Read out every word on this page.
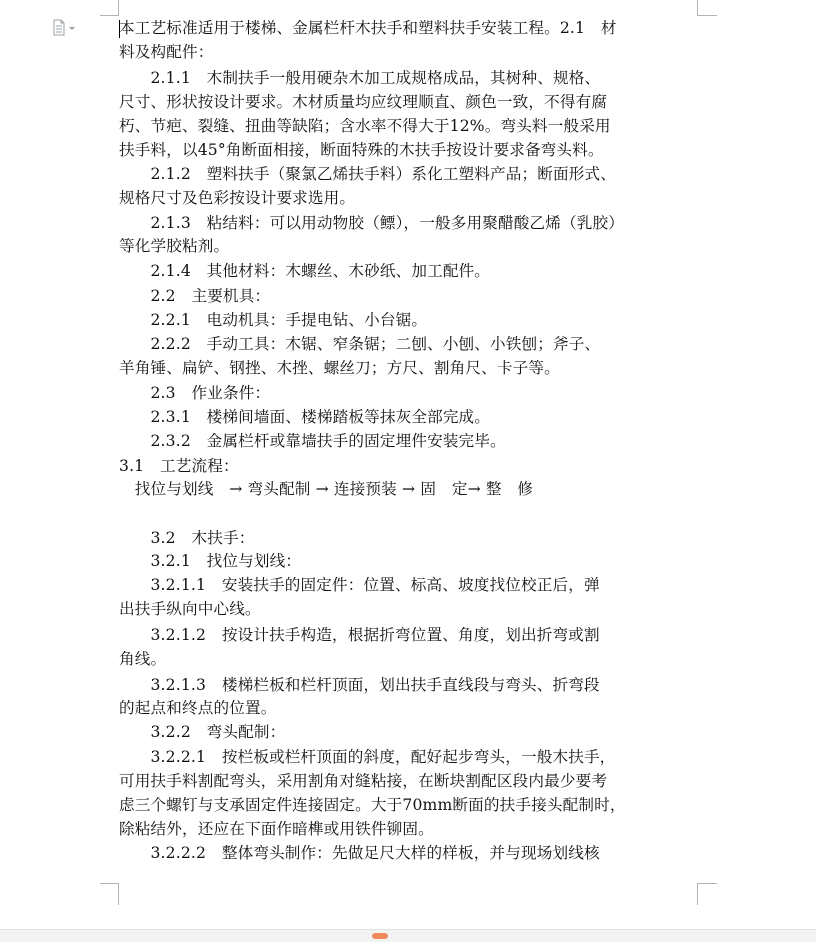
本工艺标准适用于楼梯、金属栏杆木扶手和塑料扶手安装工程。2.1　材
料及构配件：
　　2.1.1　木制扶手一般用硬杂木加工成规格成品，其树种、规格、
尺寸、形状按设计要求。木材质量均应纹理顺直、颜色一致，不得有腐
朽、节疤、裂缝、扭曲等缺陷；含水率不得大于12%。弯头料一般采用
扶手料，以45°角断面相接，断面特殊的木扶手按设计要求备弯头料。
　　2.1.2　塑料扶手（聚氯乙烯扶手料）系化工塑料产品；断面形式、
规格尺寸及色彩按设计要求选用。
　　2.1.3　粘结料：可以用动物胶（鳔），一般多用聚醋酸乙烯（乳胶）
等化学胶粘剂。
　　2.1.4　其他材料：木螺丝、木砂纸、加工配件。
　　2.2　主要机具：
　　2.2.1　电动机具：手提电钻、小台锯。
　　2.2.2　手动工具：木锯、窄条锯；二刨、小刨、小铁刨；斧子、
羊角锤、扁铲、钢挫、木挫、螺丝刀；方尺、割角尺、卡子等。
　　2.3　作业条件：
　　2.3.1　楼梯间墙面、楼梯踏板等抹灰全部完成。
　　2.3.2　金属栏杆或靠墙扶手的固定埋件安装完毕。
3.1　工艺流程：
　找位与划线　→ 弯头配制 → 连接预装 → 固　定→ 整　修
　　3.2　木扶手：
　　3.2.1　找位与划线：
　　3.2.1.1　安装扶手的固定件：位置、标高、坡度找位校正后，弹
出扶手纵向中心线。
　　3.2.1.2　按设计扶手构造，根据折弯位置、角度，划出折弯或割
角线。
　　3.2.1.3　楼梯栏板和栏杆顶面，划出扶手直线段与弯头、折弯段
的起点和终点的位置。
　　3.2.2　弯头配制：
　　3.2.2.1　按栏板或栏杆顶面的斜度，配好起步弯头，一般木扶手，
可用扶手料割配弯头，采用割角对缝粘接，在断块割配区段内最少要考
虑三个螺钉与支承固定件连接固定。大于70mm断面的扶手接头配制时，
除粘结外，还应在下面作暗榫或用铁件铆固。
　　3.2.2.2　整体弯头制作：先做足尺大样的样板，并与现场划线核
